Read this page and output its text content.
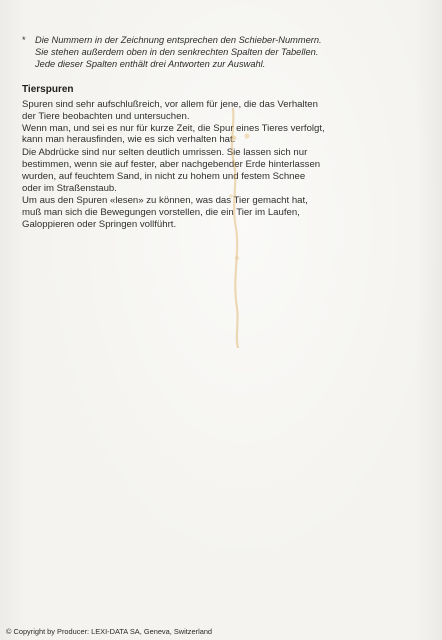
* Die Nummern in der Zeichnung entsprechen den Schieber-Nummern.
Sie stehen außerdem oben in den senkrechten Spalten der Tabellen.
Jede dieser Spalten enthält drei Antworten zur Auswahl.
Tierspuren
Spuren sind sehr aufschlußreich, vor allem für jene, die das Verhalten
der Tiere beobachten und untersuchen.
Wenn man, und sei es nur für kurze Zeit, die Spur eines Tieres verfolgt,
kann man herausfinden, wie es sich verhalten hat.
Die Abdrücke sind nur selten deutlich umrissen. Sie lassen sich nur
bestimmen, wenn sie auf fester, aber nachgebender Erde hinterlassen
wurden, auf feuchtem Sand, in nicht zu hohem und festem Schnee
oder im Straßenstaub.
Um aus den Spuren «lesen» zu können, was das Tier gemacht hat,
muß man sich die Bewegungen vorstellen, die ein Tier im Laufen,
Galoppieren oder Springen vollführt.
© Copyright by Producer: LEXI-DATA SA, Geneva, Switzerland
